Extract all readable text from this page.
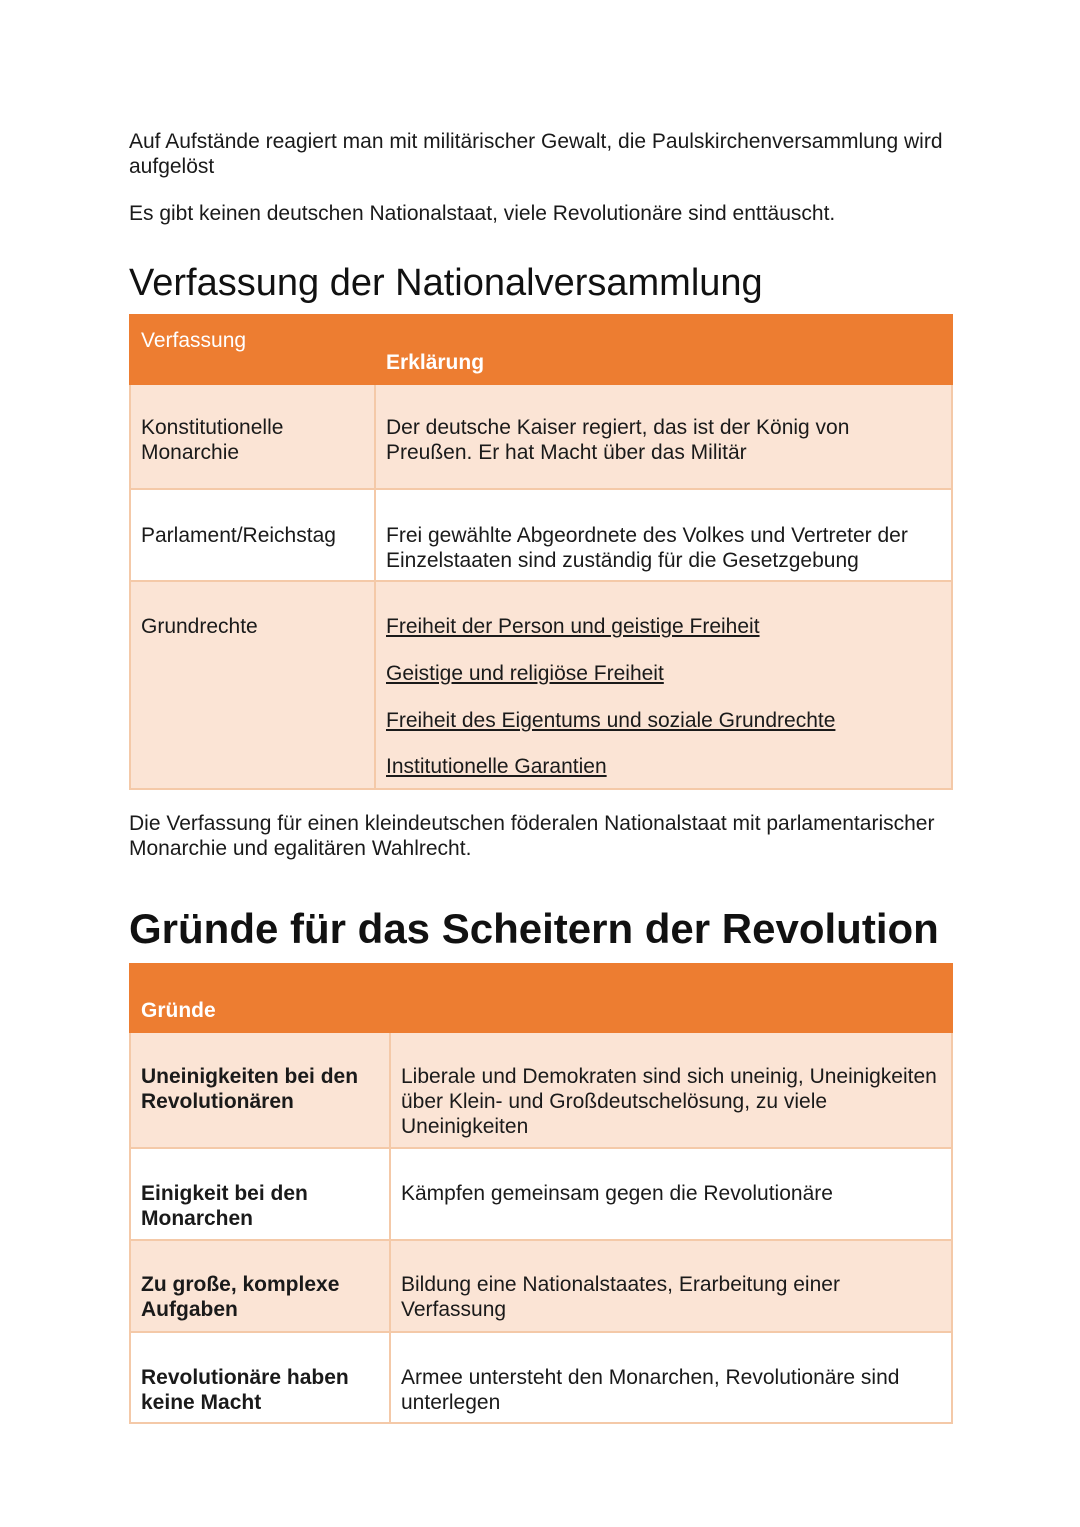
Auf Aufstände reagiert man mit militärischer Gewalt, die Paulskirchenversammlung wird aufgelöst

Es gibt keinen deutschen Nationalstaat, viele Revolutionäre sind enttäuscht.

Verfassung der Nationalversammlung
Verfassung	Erklärung
Konstitutionelle Monarchie	Der deutsche Kaiser regiert, das ist der König von Preußen. Er hat Macht über das Militär
Parlament/Reichstag	Frei gewählte Abgeordnete des Volkes und Vertreter der Einzelstaaten sind zuständig für die Gesetzgebung
Grundrechte	Freiheit der Person und geistige Freiheit
Geistige und religiöse Freiheit
Freiheit des Eigentums und soziale Grundrechte
Institutionelle Garantien

Die Verfassung für einen kleindeutschen föderalen Nationalstaat mit parlamentarischer Monarchie und egalitären Wahlrecht.

Gründe für das Scheitern der Revolution
Gründe	
Uneinigkeiten bei den Revolutionären	Liberale und Demokraten sind sich uneinig, Uneinigkeiten über Klein- und Großdeutschelösung, zu viele Uneinigkeiten
Einigkeit bei den Monarchen	Kämpfen gemeinsam gegen die Revolutionäre
Zu große, komplexe Aufgaben	Bildung eine Nationalstaates, Erarbeitung einer Verfassung
Revolutionäre haben keine Macht	Armee untersteht den Monarchen, Revolutionäre sind unterlegen
